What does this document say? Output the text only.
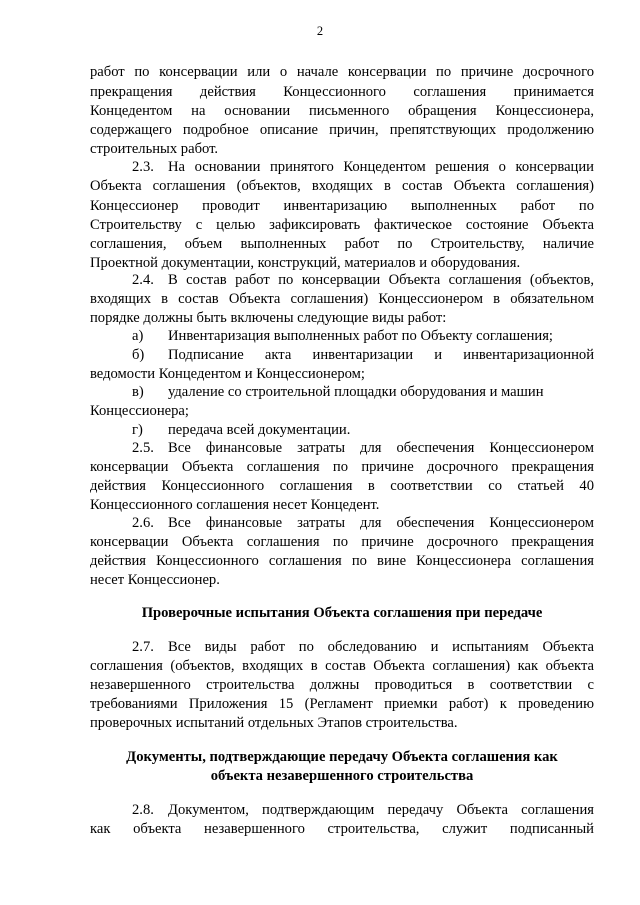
2
работ по консервации или о начале консервации по причине досрочного
прекращения действия Концессионного соглашения принимается
Концедентом на основании письменного обращения Концессионера,
содержащего подробное описание причин, препятствующих продолжению
строительных работ.
2.3. На основании принятого Концедентом решения о консервации
Объекта соглашения (объектов, входящих в состав Объекта соглашения)
Концессионер проводит инвентаризацию выполненных работ по
Строительству с целью зафиксировать фактическое состояние Объекта
соглашения, объем выполненных работ по Строительству, наличие
Проектной документации, конструкций, материалов и оборудования.
2.4. В состав работ по консервации Объекта соглашения (объектов,
входящих в состав Объекта соглашения) Концессионером в обязательном
порядке должны быть включены следующие виды работ:
а)	Инвентаризация выполненных работ по Объекту соглашения;
б)	Подписание акта инвентаризации и инвентаризационной
ведомости Концедентом и Концессионером;
в)	удаление со строительной площадки оборудования и машин
Концессионера;
г)	передача всей документации.
2.5. Все финансовые затраты для обеспечения Концессионером
консервации Объекта соглашения по причине досрочного прекращения
действия Концессионного соглашения в соответствии со статьей 40
Концессионного соглашения несет Концедент.
2.6. Все финансовые затраты для обеспечения Концессионером
консервации Объекта соглашения по причине досрочного прекращения
действия Концессионного соглашения по вине Концессионера соглашения
несет Концессионер.
Проверочные испытания Объекта соглашения при передаче
2.7. Все виды работ по обследованию и испытаниям Объекта
соглашения (объектов, входящих в состав Объекта соглашения) как объекта
незавершенного строительства должны проводиться в соответствии с
требованиями Приложения 15 (Регламент приемки работ) к проведению
проверочных испытаний отдельных Этапов строительства.
Документы, подтверждающие передачу Объекта соглашения как
объекта незавершенного строительства
2.8. Документом, подтверждающим передачу Объекта соглашения
как объекта незавершенного строительства, служит подписанный
